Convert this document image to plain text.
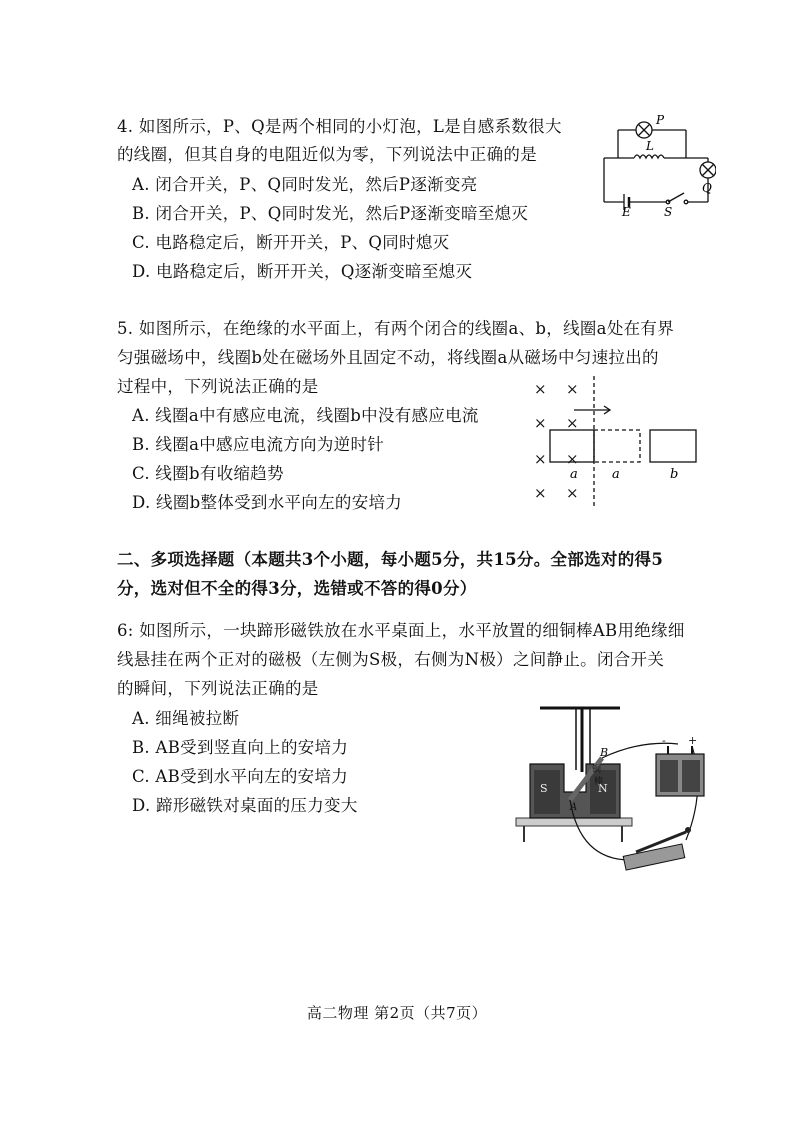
4. 如图所示，P、Q是两个相同的小灯泡，L是自感系数很大
的线圈，但其自身的电阻近似为零，下列说法中正确的是
A. 闭合开关，P、Q同时发光，然后P逐渐变亮
B. 闭合开关，P、Q同时发光，然后P逐渐变暗至熄灭
C. 电路稳定后，断开开关，P、Q同时熄灭
D. 电路稳定后，断开开关，Q逐渐变暗至熄灭
P
L
Q
E	S
5. 如图所示，在绝缘的水平面上，有两个闭合的线圈a、b，线圈a处在有界
匀强磁场中，线圈b处在磁场外且固定不动，将线圈a从磁场中匀速拉出的
过程中，下列说法正确的是
A. 线圈a中有感应电流，线圈b中没有感应电流
B. 线圈a中感应电流方向为逆时针
C. 线圈b有收缩趋势
D. 线圈b整体受到水平向左的安培力
× ×
× ×
× ×
× ×
a	a	b
二、多项选择题（本题共3个小题，每小题5分，共15分。全部选对的得5
分，选对但不全的得3分，选错或不答的得0分）
6: 如图所示，一块蹄形磁铁放在水平桌面上，水平放置的细铜棒AB用绝缘细
线悬挂在两个正对的磁极（左侧为S极，右侧为N极）之间静止。闭合开关
的瞬间，下列说法正确的是
A. 细绳被拉断
B. AB受到竖直向上的安培力
C. AB受到水平向左的安培力
D. 蹄形磁铁对桌面的压力变大
S	N
B
A
铜
棒
- +
高二物理 第2页（共7页）
